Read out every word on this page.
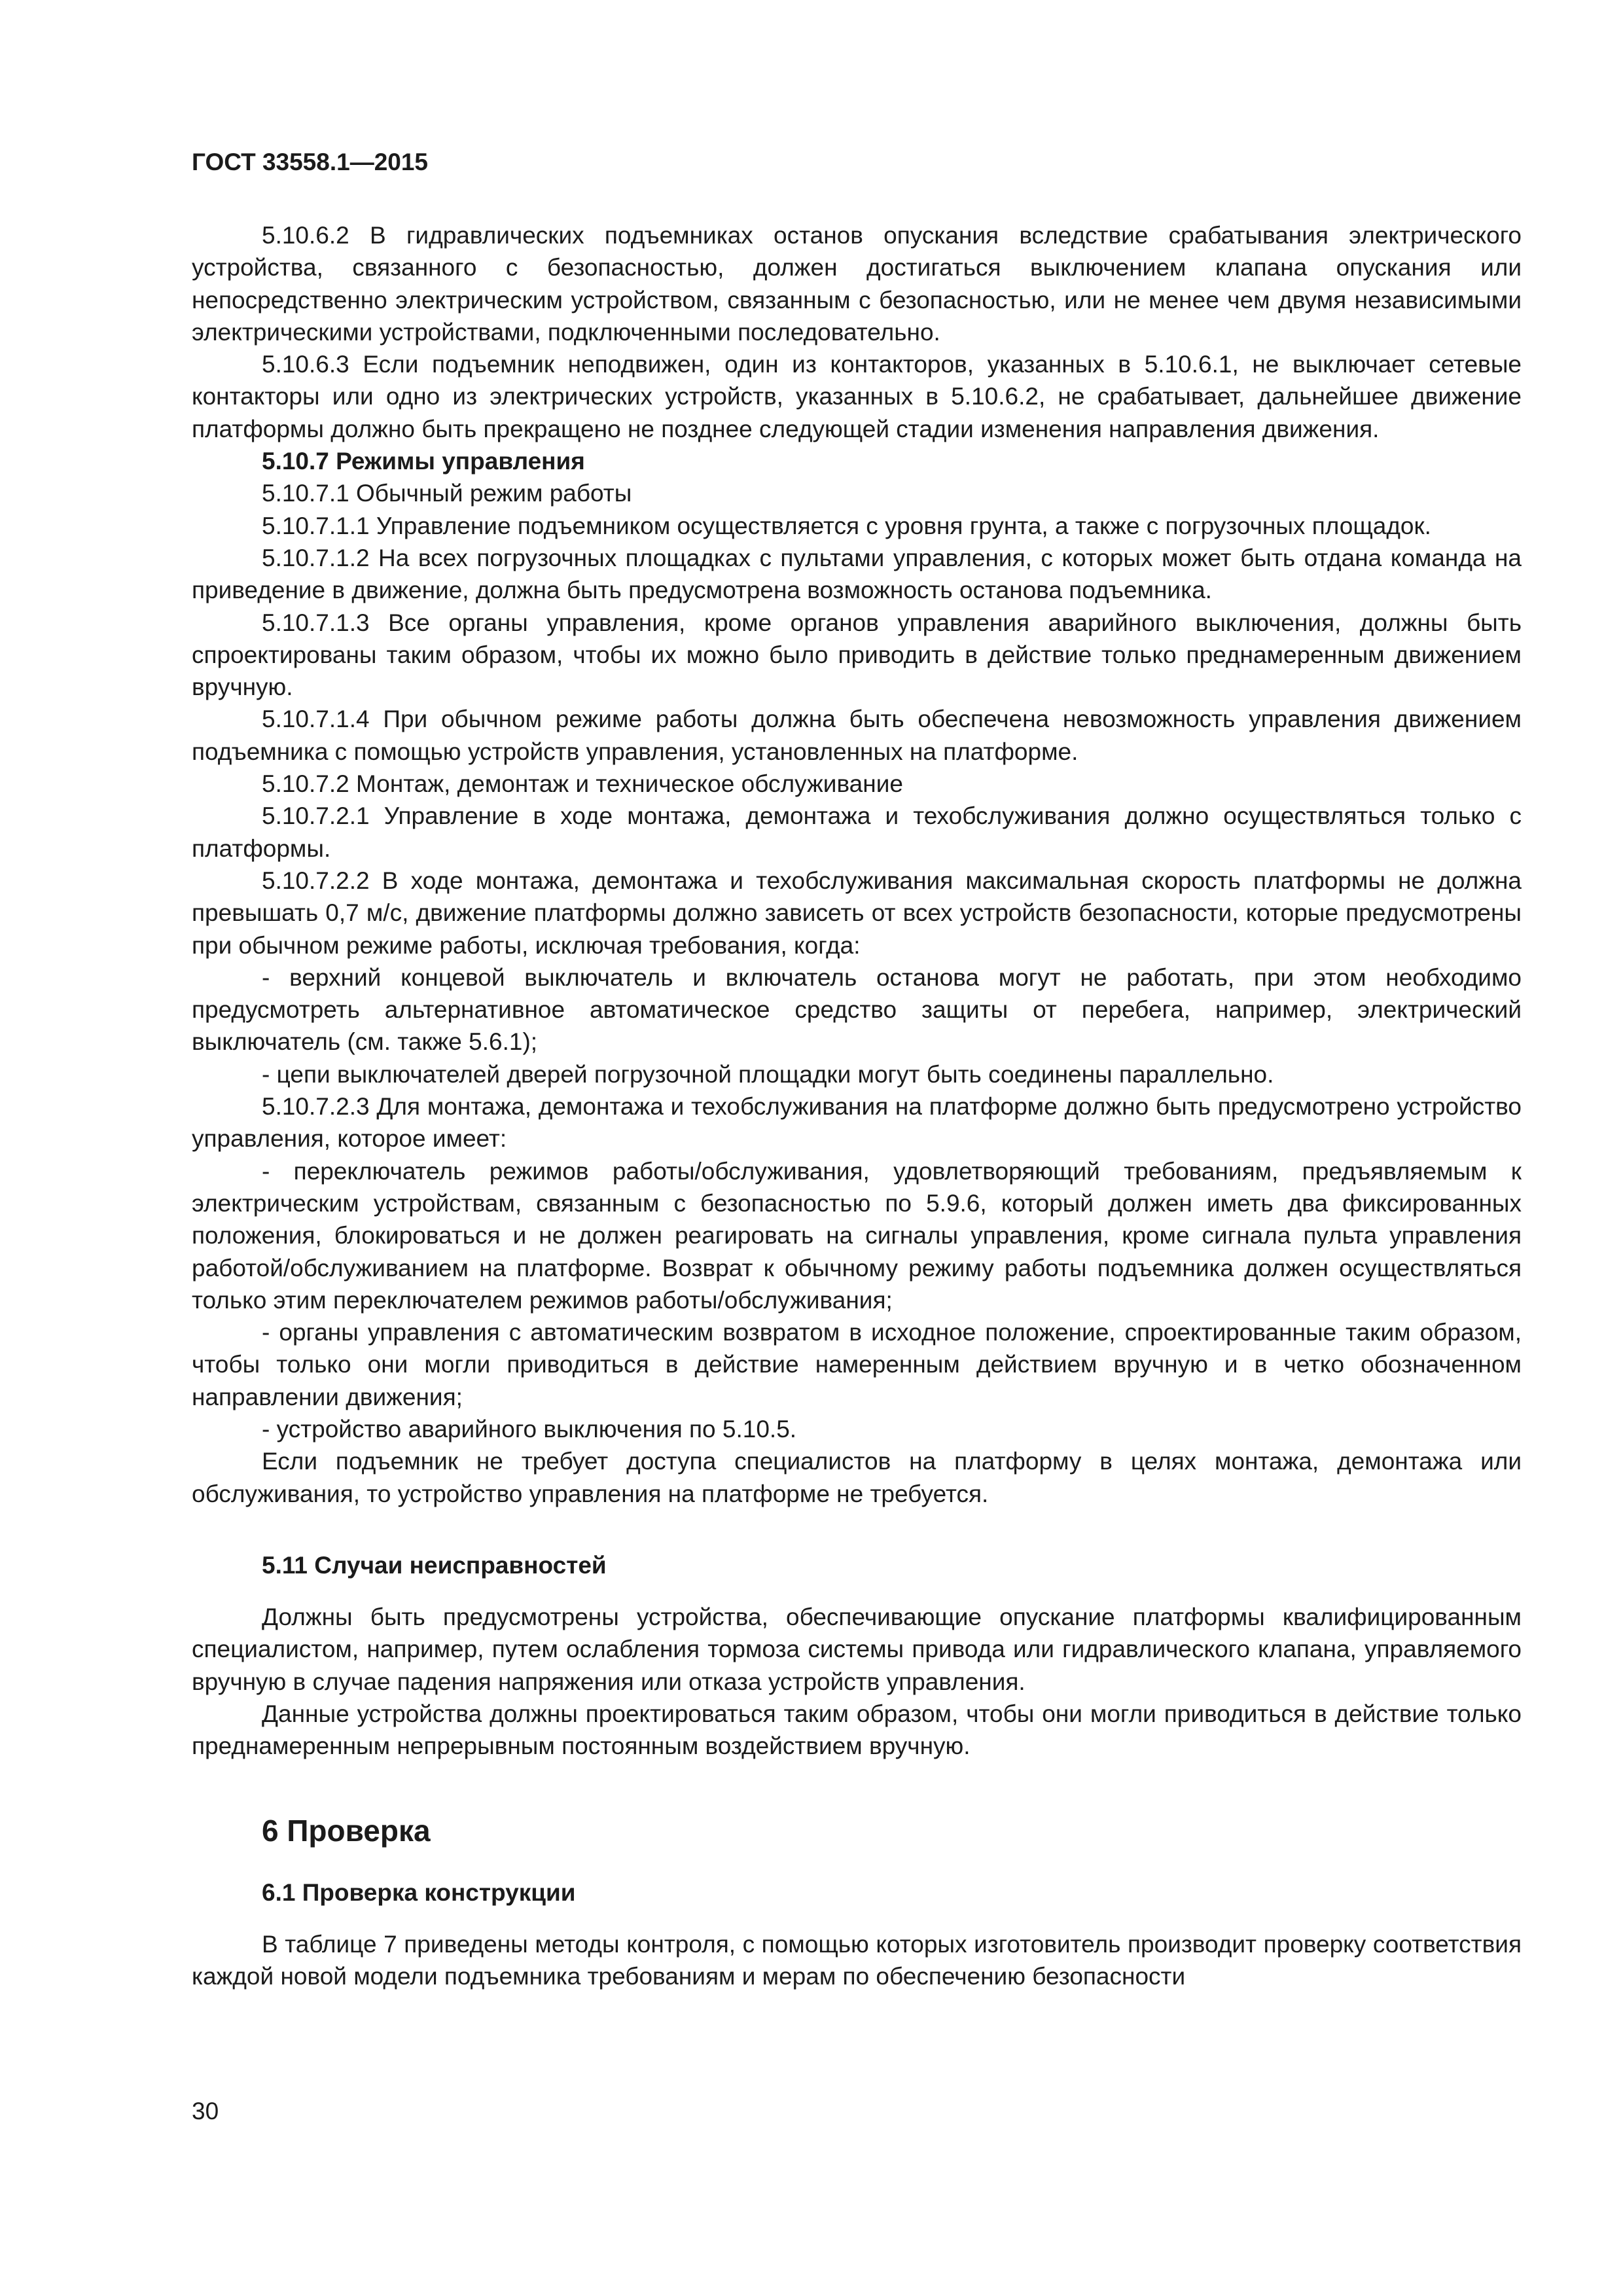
ГОСТ 33558.1—2015

5.10.6.2 В гидравлических подъемниках останов опускания вследствие срабатывания электрического устройства, связанного с безопасностью, должен достигаться выключением клапана опускания или непосредственно электрическим устройством, связанным с безопасностью, или не менее чем двумя независимыми электрическими устройствами, подключенными последовательно.

5.10.6.3 Если подъемник неподвижен, один из контакторов, указанных в 5.10.6.1, не выключает сетевые контакторы или одно из электрических устройств, указанных в 5.10.6.2, не срабатывает, дальнейшее движение платформы должно быть прекращено не позднее следующей стадии изменения направления движения.

5.10.7 Режимы управления

5.10.7.1 Обычный режим работы

5.10.7.1.1 Управление подъемником осуществляется с уровня грунта, а также с погрузочных площадок.

5.10.7.1.2 На всех погрузочных площадках с пультами управления, с которых может быть отдана команда на приведение в движение, должна быть предусмотрена возможность останова подъемника.

5.10.7.1.3 Все органы управления, кроме органов управления аварийного выключения, должны быть спроектированы таким образом, чтобы их можно было приводить в действие только преднамеренным движением вручную.

5.10.7.1.4 При обычном режиме работы должна быть обеспечена невозможность управления движением подъемника с помощью устройств управления, установленных на платформе.

5.10.7.2 Монтаж, демонтаж и техническое обслуживание

5.10.7.2.1 Управление в ходе монтажа, демонтажа и техобслуживания должно осуществляться только с платформы.

5.10.7.2.2 В ходе монтажа, демонтажа и техобслуживания максимальная скорость платформы не должна превышать 0,7 м/с, движение платформы должно зависеть от всех устройств безопасности, которые предусмотрены при обычном режиме работы, исключая требования, когда:

- верхний концевой выключатель и включатель останова могут не работать, при этом необходимо предусмотреть альтернативное автоматическое средство защиты от перебега, например, электрический выключатель (см. также 5.6.1);

- цепи выключателей дверей погрузочной площадки могут быть соединены параллельно.

5.10.7.2.3 Для монтажа, демонтажа и техобслуживания на платформе должно быть предусмотрено устройство управления, которое имеет:

- переключатель режимов работы/обслуживания, удовлетворяющий требованиям, предъявляемым к электрическим устройствам, связанным с безопасностью по 5.9.6, который должен иметь два фиксированных положения, блокироваться и не должен реагировать на сигналы управления, кроме сигнала пульта управления работой/обслуживанием на платформе. Возврат к обычному режиму работы подъемника должен осуществляться только этим переключателем режимов работы/обслуживания;

- органы управления с автоматическим возвратом в исходное положение, спроектированные таким образом, чтобы только они могли приводиться в действие намеренным действием вручную и в четко обозначенном направлении движения;

- устройство аварийного выключения по 5.10.5.

Если подъемник не требует доступа специалистов на платформу в целях монтажа, демонтажа или обслуживания, то устройство управления на платформе не требуется.

5.11 Случаи неисправностей

Должны быть предусмотрены устройства, обеспечивающие опускание платформы квалифицированным специалистом, например, путем ослабления тормоза системы привода или гидравлического клапана, управляемого вручную в случае падения напряжения или отказа устройств управления.

Данные устройства должны проектироваться таким образом, чтобы они могли приводиться в действие только преднамеренным непрерывным постоянным воздействием вручную.

6 Проверка

6.1 Проверка конструкции

В таблице 7 приведены методы контроля, с помощью которых изготовитель производит проверку соответствия каждой новой модели подъемника требованиям и мерам по обеспечению безопасности

30
